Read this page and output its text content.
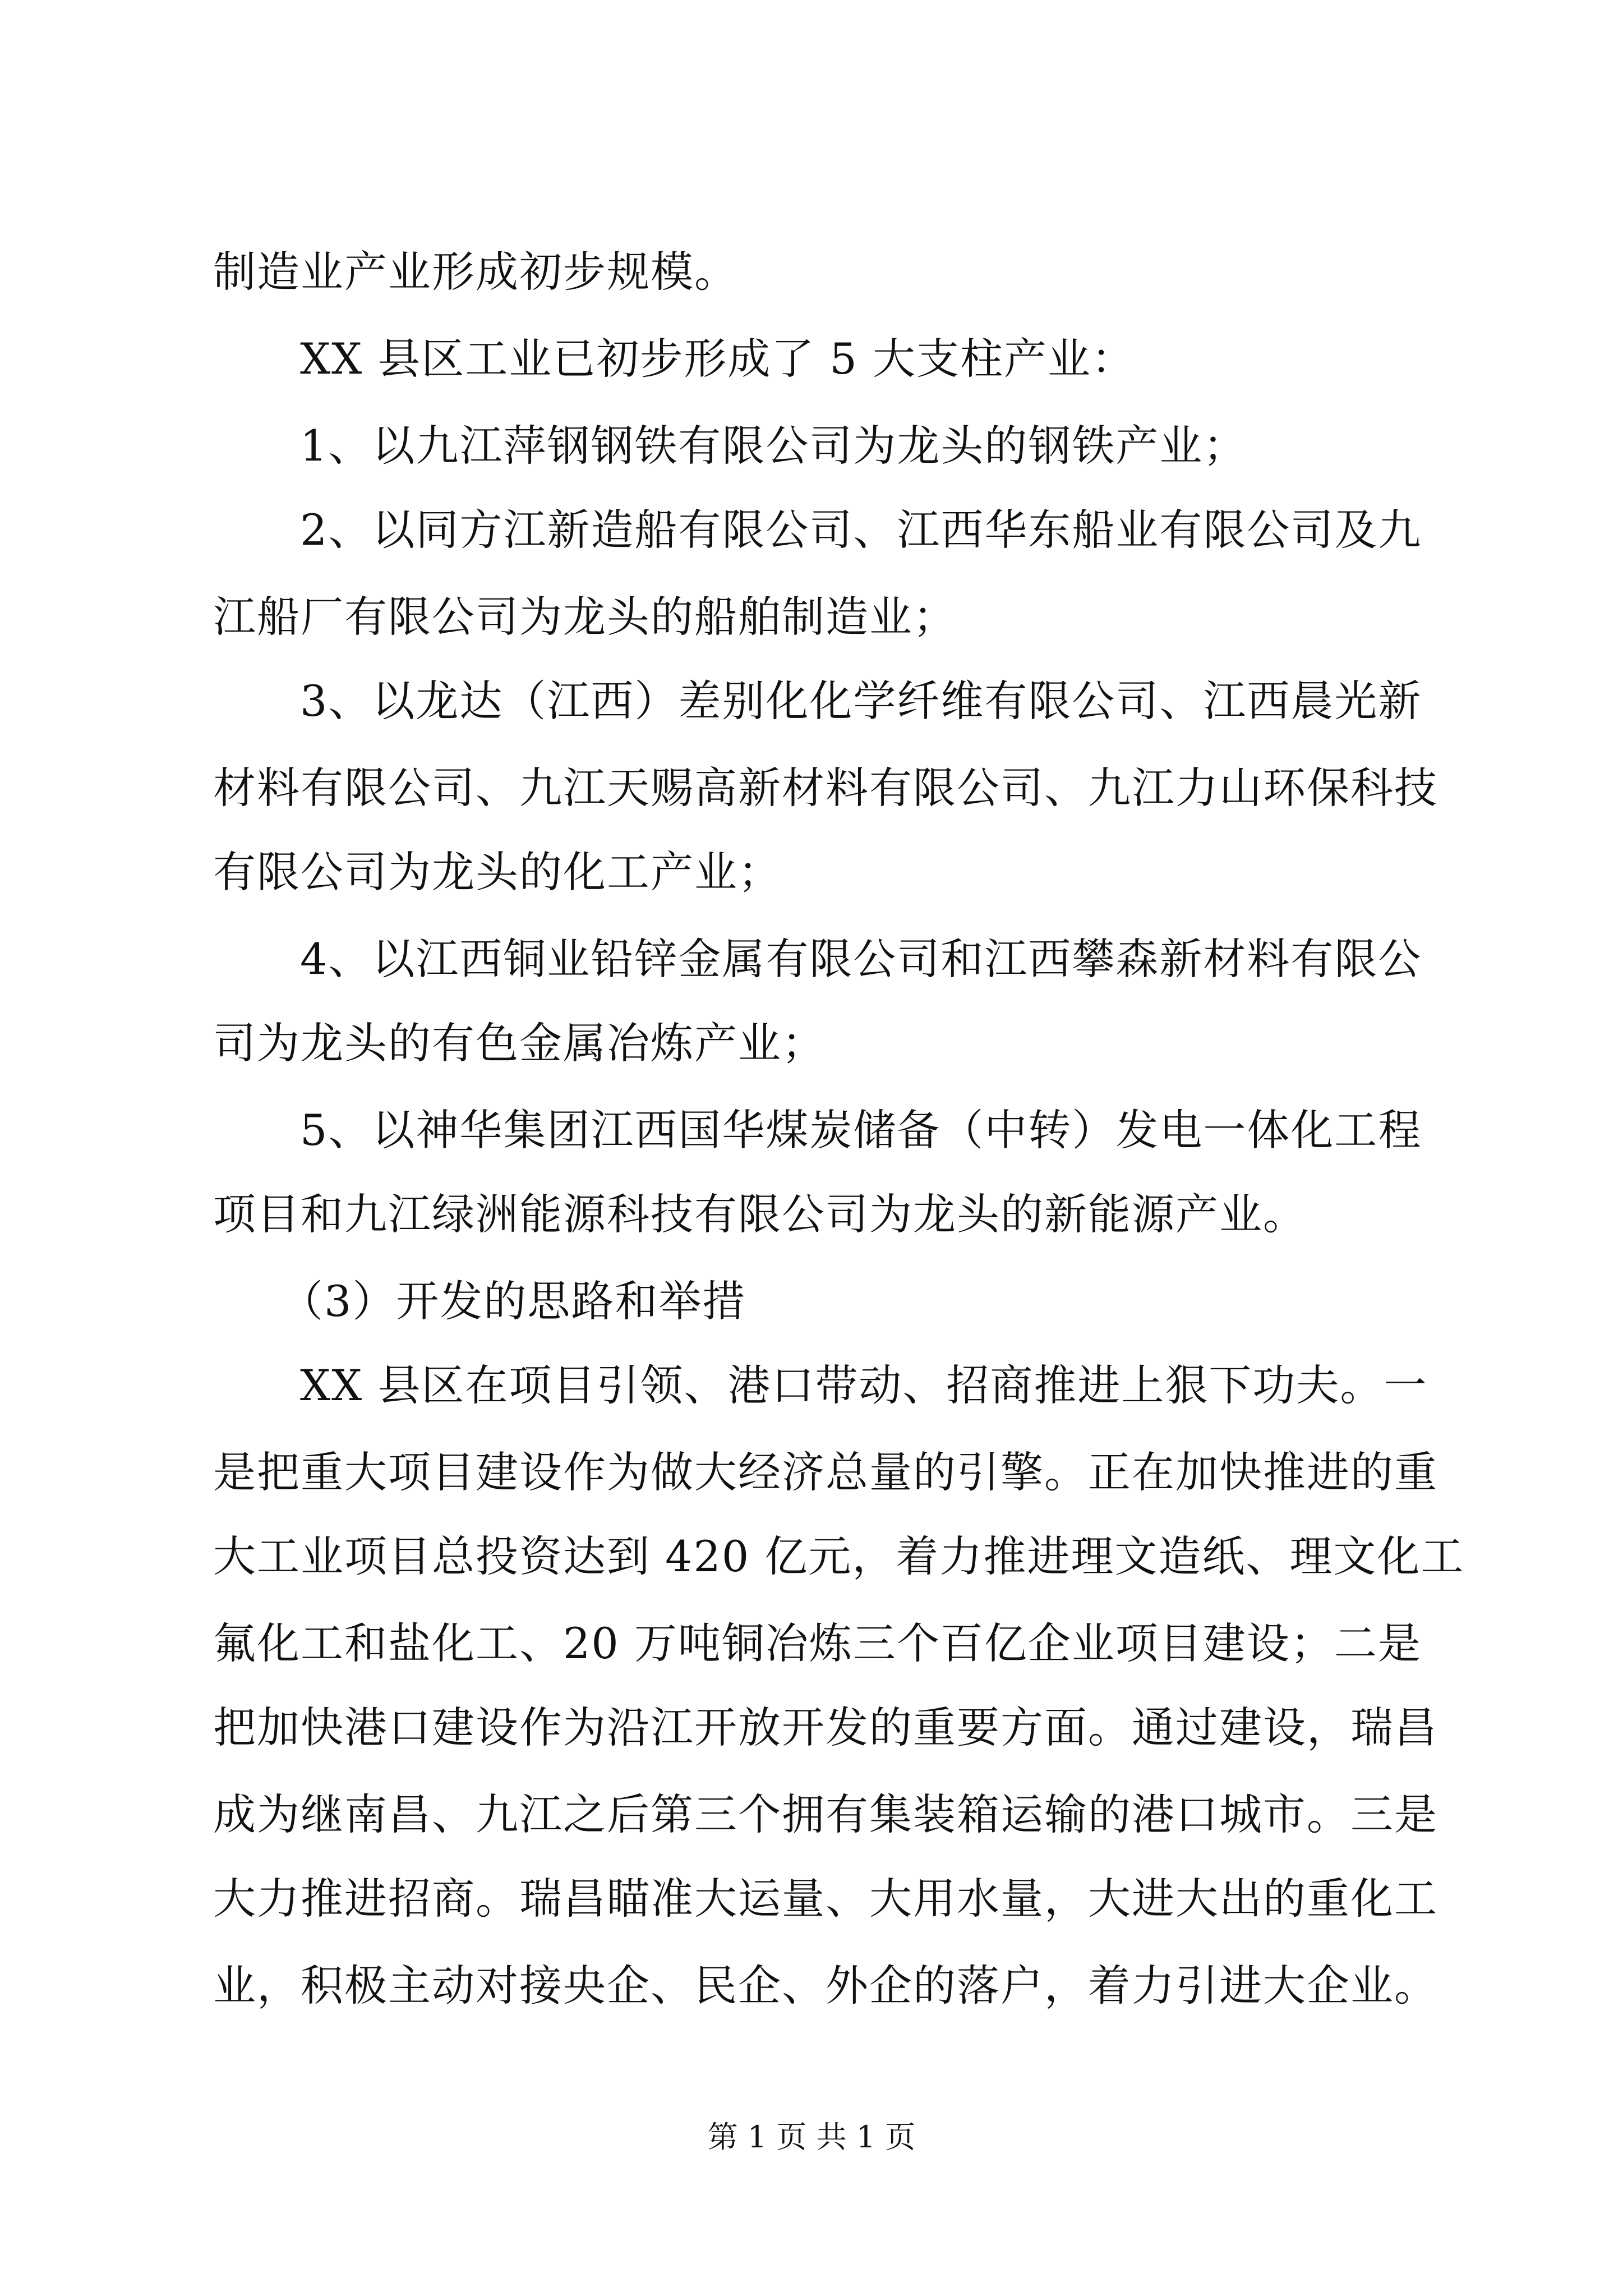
制造业产业形成初步规模。
XX 县区工业已初步形成了 5 大支柱产业：
1、以九江萍钢钢铁有限公司为龙头的钢铁产业；
2、以同方江新造船有限公司、江西华东船业有限公司及九
江船厂有限公司为龙头的船舶制造业；
3、以龙达（江西）差别化化学纤维有限公司、江西晨光新
材料有限公司、九江天赐高新材料有限公司、九江力山环保科技
有限公司为龙头的化工产业；
4、以江西铜业铅锌金属有限公司和江西攀森新材料有限公
司为龙头的有色金属冶炼产业；
5、以神华集团江西国华煤炭储备（中转）发电一体化工程
项目和九江绿洲能源科技有限公司为龙头的新能源产业。
（3）开发的思路和举措
XX 县区在项目引领、港口带动、招商推进上狠下功夫。一
是把重大项目建设作为做大经济总量的引擎。正在加快推进的重
大工业项目总投资达到 420 亿元，着力推进理文造纸、理文化工
氟化工和盐化工、20 万吨铜冶炼三个百亿企业项目建设；二是
把加快港口建设作为沿江开放开发的重要方面。通过建设，瑞昌
成为继南昌、九江之后第三个拥有集装箱运输的港口城市。三是
大力推进招商。瑞昌瞄准大运量、大用水量，大进大出的重化工
业，积极主动对接央企、民企、外企的落户，着力引进大企业。
第 1 页 共 1 页
